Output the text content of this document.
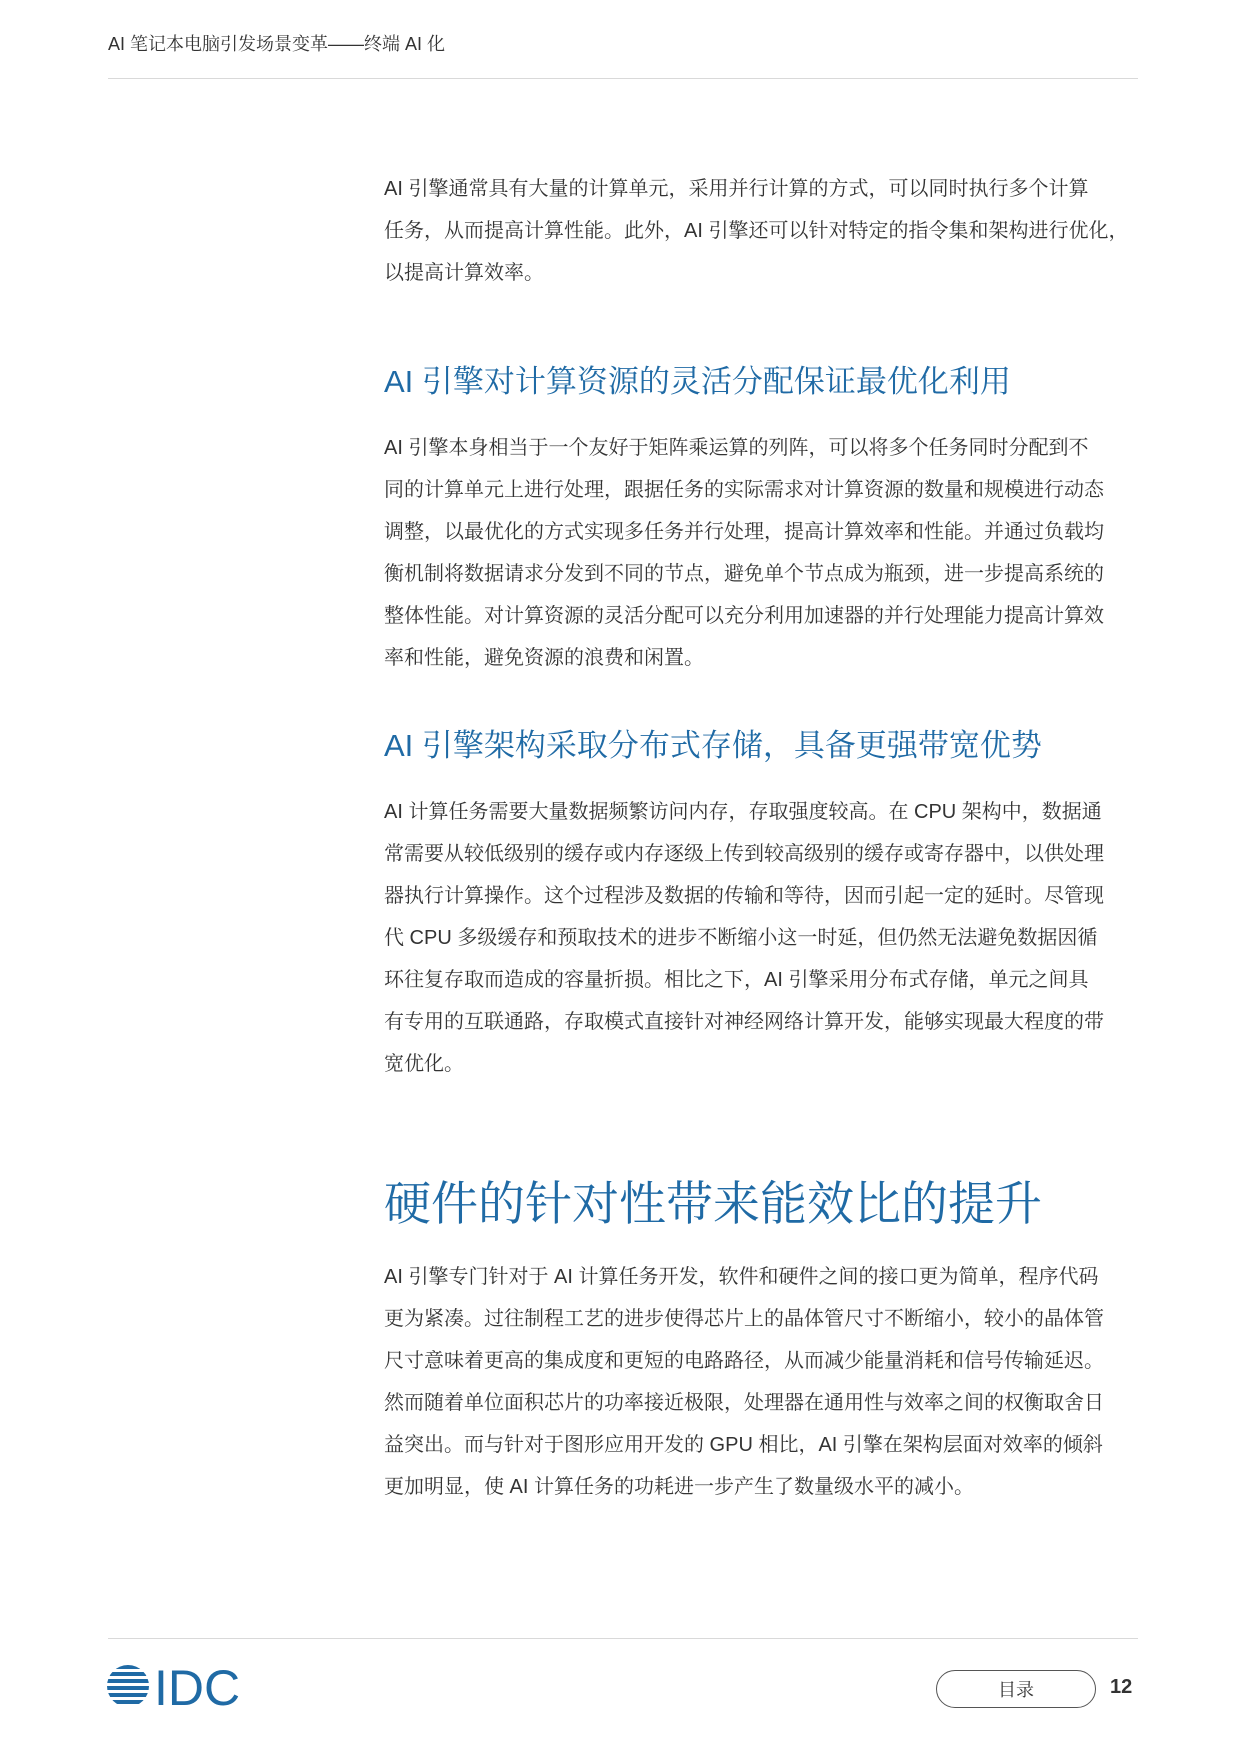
AI 笔记本电脑引发场景变革——终端 AI 化

AI 引擎通常具有大量的计算单元，采用并行计算的方式，可以同时执行多个计算

任务，从而提高计算性能。此外，AI 引擎还可以针对特定的指令集和架构进行优化，

以提高计算效率。

AI 引擎对计算资源的灵活分配保证最优化利用

AI 引擎本身相当于一个友好于矩阵乘运算的列阵，可以将多个任务同时分配到不

同的计算单元上进行处理，跟据任务的实际需求对计算资源的数量和规模进行动态

调整，以最优化的方式实现多任务并行处理，提高计算效率和性能。并通过负载均

衡机制将数据请求分发到不同的节点，避免单个节点成为瓶颈，进一步提高系统的

整体性能。对计算资源的灵活分配可以充分利用加速器的并行处理能力提高计算效

率和性能，避免资源的浪费和闲置。

AI 引擎架构采取分布式存储，具备更强带宽优势

AI 计算任务需要大量数据频繁访问内存，存取强度较高。在 CPU 架构中，数据通

常需要从较低级别的缓存或内存逐级上传到较高级别的缓存或寄存器中，以供处理

器执行计算操作。这个过程涉及数据的传输和等待，因而引起一定的延时。尽管现

代 CPU 多级缓存和预取技术的进步不断缩小这一时延，但仍然无法避免数据因循

环往复存取而造成的容量折损。相比之下，AI 引擎采用分布式存储，单元之间具

有专用的互联通路，存取模式直接针对神经网络计算开发，能够实现最大程度的带

宽优化。

硬件的针对性带来能效比的提升

AI 引擎专门针对于 AI 计算任务开发，软件和硬件之间的接口更为简单，程序代码

更为紧凑。过往制程工艺的进步使得芯片上的晶体管尺寸不断缩小，较小的晶体管

尺寸意味着更高的集成度和更短的电路路径，从而减少能量消耗和信号传输延迟。

然而随着单位面积芯片的功率接近极限，处理器在通用性与效率之间的权衡取舍日

益突出。而与针对于图形应用开发的 GPU 相比，AI 引擎在架构层面对效率的倾斜

更加明显，使 AI 计算任务的功耗进一步产生了数量级水平的减小。

IDC	目录	12
